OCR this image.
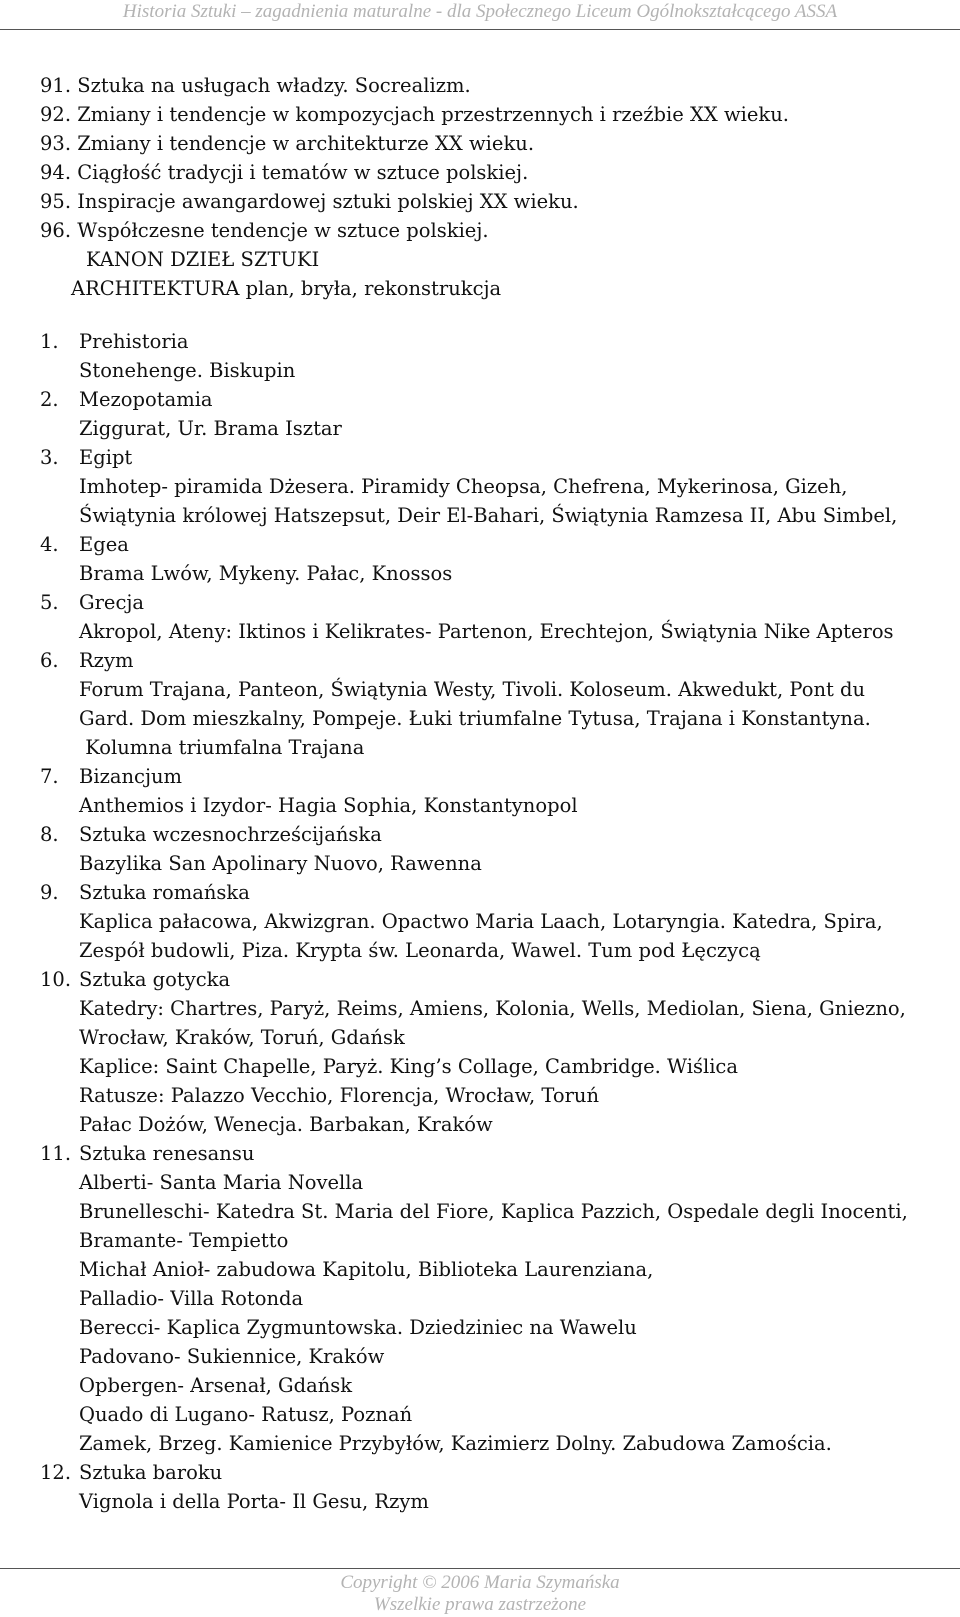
Historia Sztuki – zagadnienia maturalne - dla Społecznego Liceum Ogólnokształcącego ASSA
91. Sztuka na usługach władzy. Socrealizm.
92. Zmiany i tendencje w kompozycjach przestrzennych i rzeźbie XX wieku.
93. Zmiany i tendencje w architekturze XX wieku.
94. Ciągłość tradycji i tematów w sztuce polskiej.
95. Inspiracje awangardowej sztuki polskiej XX wieku.
96. Współczesne tendencje w sztuce polskiej.
KANON DZIEŁ SZTUKI
ARCHITEKTURA plan, bryła, rekonstrukcja
1. Prehistoria
Stonehenge. Biskupin
2. Mezopotamia
Ziggurat, Ur. Brama Isztar
3. Egipt
Imhotep- piramida Dżesera. Piramidy Cheopsa, Chefrena, Mykerinosa, Gizeh,
Świątynia królowej Hatszepsut, Deir El-Bahari, Świątynia Ramzesa II, Abu Simbel,
4. Egea
Brama Lwów, Mykeny. Pałac, Knossos
5. Grecja
Akropol, Ateny: Iktinos i Kelikrates- Partenon, Erechtejon, Świątynia Nike Apteros
6. Rzym
Forum Trajana, Panteon, Świątynia Westy, Tivoli. Koloseum. Akwedukt, Pont du
Gard. Dom mieszkalny, Pompeje. Łuki triumfalne Tytusa, Trajana i Konstantyna.
Kolumna triumfalna Trajana
7. Bizancjum
Anthemios i Izydor- Hagia Sophia, Konstantynopol
8. Sztuka wczesnochrześcijańska
Bazylika San Apolinary Nuovo, Rawenna
9. Sztuka romańska
Kaplica pałacowa, Akwizgran. Opactwo Maria Laach, Lotaryngia. Katedra, Spira,
Zespół budowli, Piza. Krypta św. Leonarda, Wawel. Tum pod Łęczycą
10. Sztuka gotycka
Katedry: Chartres, Paryż, Reims, Amiens, Kolonia, Wells, Mediolan, Siena, Gniezno,
Wrocław, Kraków, Toruń, Gdańsk
Kaplice: Saint Chapelle, Paryż. King’s Collage, Cambridge. Wiślica
Ratusze: Palazzo Vecchio, Florencja, Wrocław, Toruń
Pałac Dożów, Wenecja. Barbakan, Kraków
11. Sztuka renesansu
Alberti- Santa Maria Novella
Brunelleschi- Katedra St. Maria del Fiore, Kaplica Pazzich, Ospedale degli Inocenti,
Bramante- Tempietto
Michał Anioł- zabudowa Kapitolu, Biblioteka Laurenziana,
Palladio- Villa Rotonda
Berecci- Kaplica Zygmuntowska. Dziedziniec na Wawelu
Padovano- Sukiennice, Kraków
Opbergen- Arsenał, Gdańsk
Quado di Lugano- Ratusz, Poznań
Zamek, Brzeg. Kamienice Przybyłów, Kazimierz Dolny. Zabudowa Zamościa.
12. Sztuka baroku
Vignola i della Porta- Il Gesu, Rzym
Copyright © 2006 Maria Szymańska
Wszelkie prawa zastrzeżone
